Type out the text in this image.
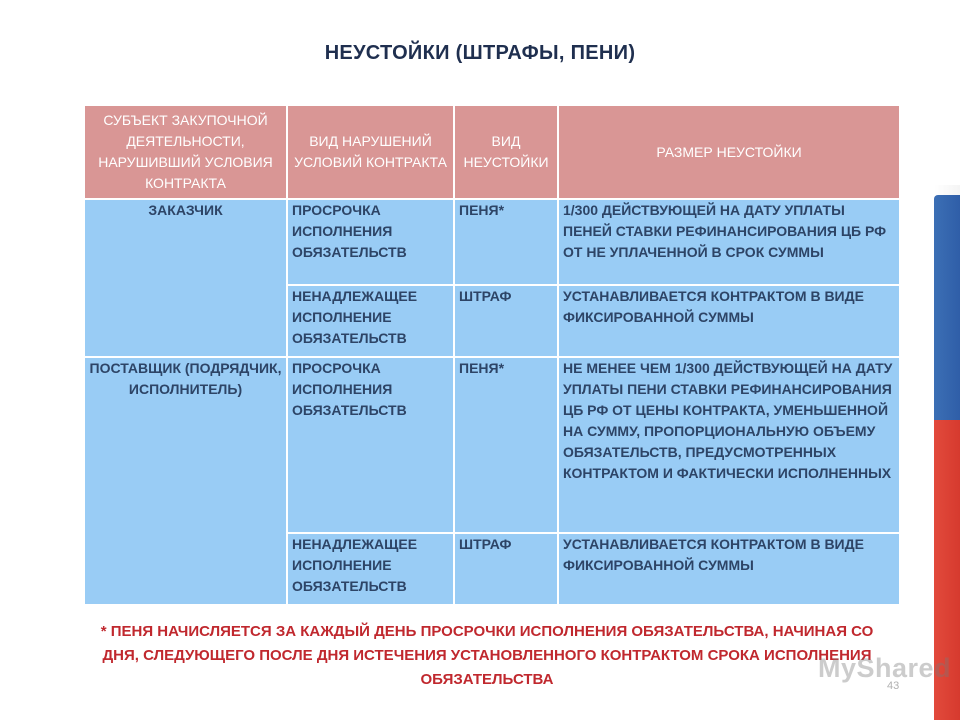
НЕУСТОЙКИ (ШТРАФЫ, ПЕНИ)
СУБЪЕКТ ЗАКУПОЧНОЙ ДЕЯТЕЛЬНОСТИ, НАРУШИВШИЙ УСЛОВИЯ КОНТРАКТА	ВИД НАРУШЕНИЙ УСЛОВИЙ КОНТРАКТА	ВИД НЕУСТОЙКИ	РАЗМЕР НЕУСТОЙКИ
ЗАКАЗЧИК	ПРОСРОЧКА ИСПОЛНЕНИЯ ОБЯЗАТЕЛЬСТВ	ПЕНЯ*	1/300 ДЕЙСТВУЮЩЕЙ НА ДАТУ УПЛАТЫ ПЕНЕЙ СТАВКИ РЕФИНАНСИРОВАНИЯ ЦБ РФ ОТ НЕ УПЛАЧЕННОЙ В СРОК СУММЫ
	НЕНАДЛЕЖАЩЕЕ ИСПОЛНЕНИЕ ОБЯЗАТЕЛЬСТВ	ШТРАФ	УСТАНАВЛИВАЕТСЯ КОНТРАКТОМ В ВИДЕ ФИКСИРОВАННОЙ СУММЫ
ПОСТАВЩИК (ПОДРЯДЧИК, ИСПОЛНИТЕЛЬ)	ПРОСРОЧКА ИСПОЛНЕНИЯ ОБЯЗАТЕЛЬСТВ	ПЕНЯ*	НЕ МЕНЕЕ ЧЕМ 1/300 ДЕЙСТВУЮЩЕЙ НА ДАТУ УПЛАТЫ ПЕНИ СТАВКИ РЕФИНАНСИРОВАНИЯ ЦБ РФ ОТ ЦЕНЫ КОНТРАКТА, УМЕНЬШЕННОЙ НА СУММУ, ПРОПОРЦИОНАЛЬНУЮ ОБЪЕМУ ОБЯЗАТЕЛЬСТВ, ПРЕДУСМОТРЕННЫХ КОНТРАКТОМ И ФАКТИЧЕСКИ ИСПОЛНЕННЫХ
	НЕНАДЛЕЖАЩЕЕ ИСПОЛНЕНИЕ ОБЯЗАТЕЛЬСТВ	ШТРАФ	УСТАНАВЛИВАЕТСЯ КОНТРАКТОМ В ВИДЕ ФИКСИРОВАННОЙ СУММЫ
* ПЕНЯ НАЧИСЛЯЕТСЯ ЗА КАЖДЫЙ ДЕНЬ ПРОСРОЧКИ ИСПОЛНЕНИЯ ОБЯЗАТЕЛЬСТВА, НАЧИНАЯ СО ДНЯ, СЛЕДУЮЩЕГО ПОСЛЕ ДНЯ ИСТЕЧЕНИЯ УСТАНОВЛЕННОГО КОНТРАКТОМ СРОКА ИСПОЛНЕНИЯ ОБЯЗАТЕЛЬСТВА	MyShared
43
